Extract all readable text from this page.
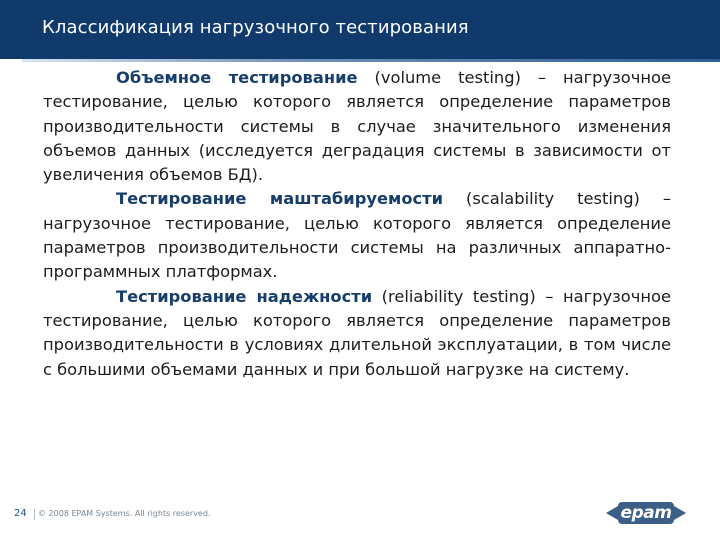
Классификация нагрузочного тестирования

Объемное тестирование (volume testing) – нагрузочное тестирование, целью которого является определение параметров производительности системы в случае значительного изменения объемов данных (исследуется деградация системы в зависимости от увеличения объемов БД).

Тестирование маштабируемости (scalability testing) – нагрузочное тестирование, целью которого является определение параметров производительности системы на различных аппаратно-программных платформах.

Тестирование надежности (reliability testing) – нагрузочное тестирование, целью которого является определение параметров производительности в условиях длительной эксплуатации, в том числе с большими объемами данных и при большой нагрузке на систему.

24 © 2008 EPAM Systems. All rights reserved.	epam
